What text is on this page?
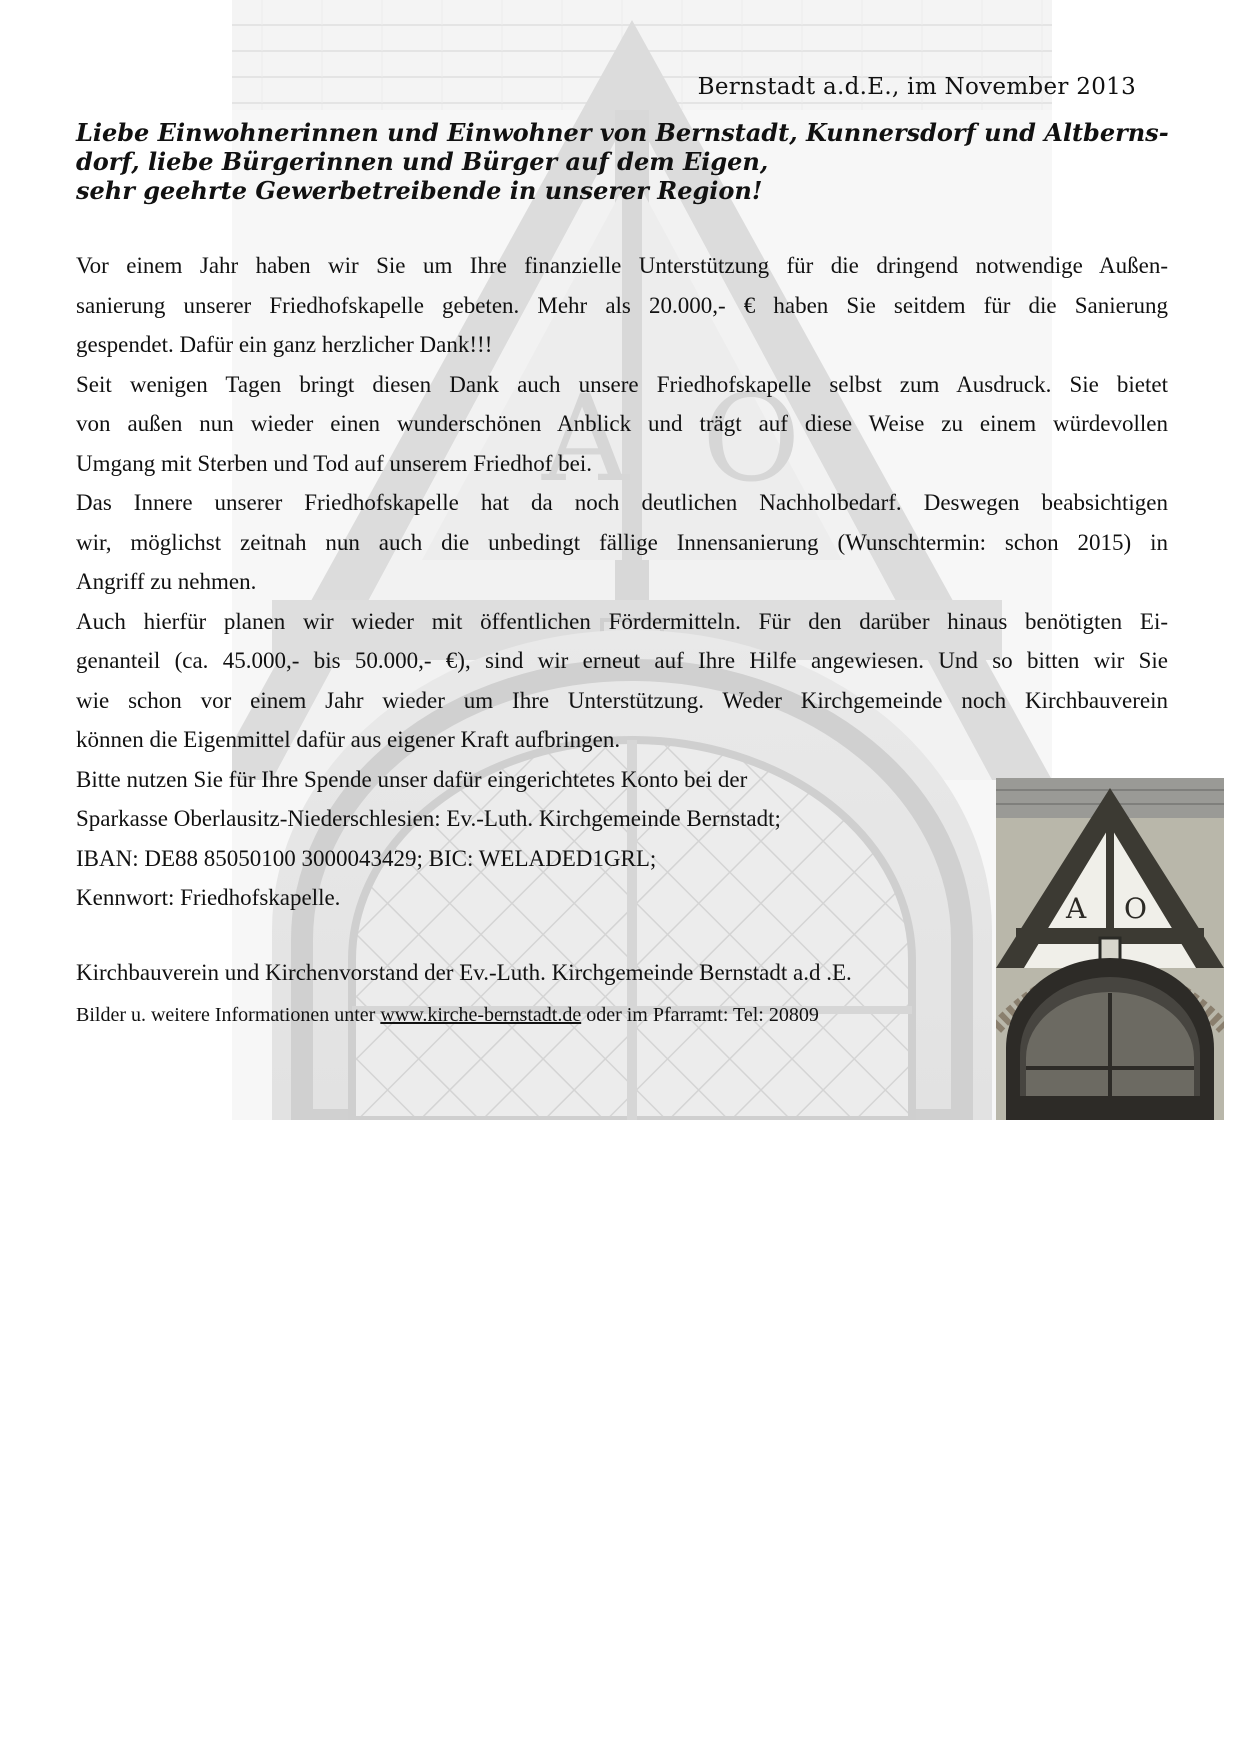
A O
A O
Bernstadt a.d.E., im November 2013
Liebe Einwohnerinnen und Einwohner von Bernstadt, Kunnersdorf und Altberns-
dorf, liebe Bürgerinnen und Bürger auf dem Eigen,
sehr geehrte Gewerbetreibende in unserer Region!
Vor einem Jahr haben wir Sie um Ihre finanzielle Unterstützung für die dringend notwendige Außen-
sanierung unserer Friedhofskapelle gebeten. Mehr als 20.000,- € haben Sie seitdem für die Sanierung
gespendet. Dafür ein ganz herzlicher Dank!!!
Seit wenigen Tagen bringt diesen Dank auch unsere Friedhofskapelle selbst zum Ausdruck. Sie bietet
von außen nun wieder einen wunderschönen Anblick und trägt auf diese Weise zu einem würdevollen
Umgang mit Sterben und Tod auf unserem Friedhof bei.
Das Innere unserer Friedhofskapelle hat da noch deutlichen Nachholbedarf. Deswegen beabsichtigen
wir, möglichst zeitnah nun auch die unbedingt fällige Innensanierung (Wunschtermin: schon 2015) in
Angriff zu nehmen.
Auch hierfür planen wir wieder mit öffentlichen Fördermitteln. Für den darüber hinaus benötigten Ei-
genanteil (ca. 45.000,- bis 50.000,- €), sind wir erneut auf Ihre Hilfe angewiesen. Und so bitten wir Sie
wie schon vor einem Jahr wieder um Ihre Unterstützung. Weder Kirchgemeinde noch Kirchbauverein
können die Eigenmittel dafür aus eigener Kraft aufbringen.
Bitte nutzen Sie für Ihre Spende unser dafür eingerichtetes Konto bei der
Sparkasse Oberlausitz-Niederschlesien: Ev.-Luth. Kirchgemeinde Bernstadt;
IBAN: DE88 85050100 3000043429; BIC: WELADED1GRL;
Kennwort: Friedhofskapelle.
Kirchbauverein und Kirchenvorstand der Ev.-Luth. Kirchgemeinde Bernstadt a.d .E.
Bilder u. weitere Informationen unter www.kirche-bernstadt.de oder im Pfarramt: Tel: 20809
